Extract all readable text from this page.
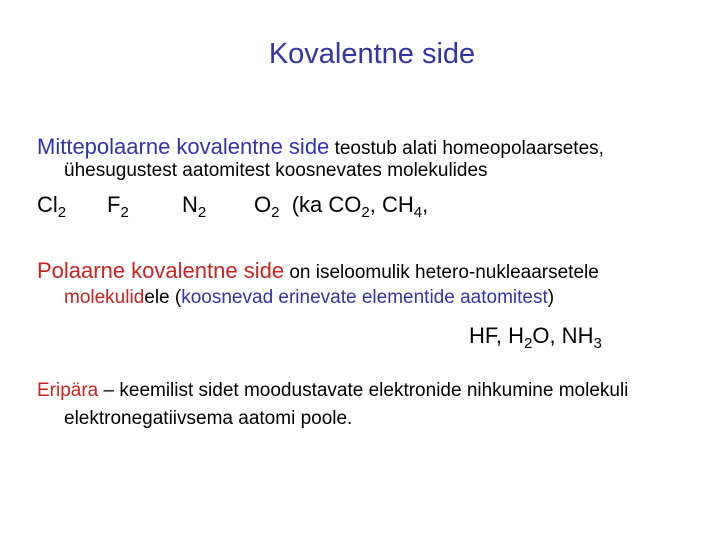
Kovalentne side
Mittepolaarne kovalentne side teostub alati homeopolaarsetes,
ühesugustest aatomitest koosnevates molekulides
$Cl_2$ $F_2$ $N_2$ $O_2$ (ka $CO_2$, $CH_4$,
Polaarne kovalentne side on iseloomulik hetero-nukleaarsetele
molekulidele (koosnevad erinevate elementide aatomitest)
HF, $H_2O$, $NH_3$
Eripära – keemilist sidet moodustavate elektronide nihkumine molekuli
elektronegatiivsema aatomi poole.
